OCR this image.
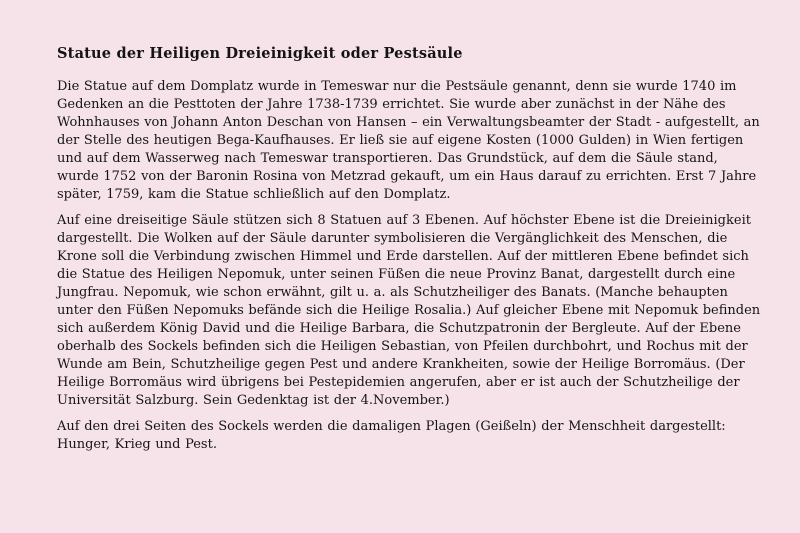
Statue der Heiligen Dreieinigkeit oder Pestsäule

Die Statue auf dem Domplatz wurde in Temeswar nur die Pestsäule genannt, denn sie wurde 1740 im Gedenken an die Pesttoten der Jahre 1738-1739 errichtet. Sie wurde aber zunächst in der Nähe des Wohnhauses von Johann Anton Deschan von Hansen – ein Verwaltungsbeamter der Stadt - aufgestellt, an der Stelle des heutigen Bega-Kaufhauses. Er ließ sie auf eigene Kosten (1000 Gulden) in Wien fertigen und auf dem Wasserweg nach Temeswar transportieren. Das Grundstück, auf dem die Säule stand, wurde 1752 von der Baronin Rosina von Metzrad gekauft, um ein Haus darauf zu errichten. Erst 7 Jahre später, 1759, kam die Statue schließlich auf den Domplatz.

Auf eine dreiseitige Säule stützen sich 8 Statuen auf 3 Ebenen. Auf höchster Ebene ist die Dreieinigkeit dargestellt. Die Wolken auf der Säule darunter symbolisieren die Vergänglichkeit des Menschen, die Krone soll die Verbindung zwischen Himmel und Erde darstellen. Auf der mittleren Ebene befindet sich die Statue des Heiligen Nepomuk, unter seinen Füßen die neue Provinz Banat, dargestellt durch eine Jungfrau. Nepomuk, wie schon erwähnt, gilt u. a. als Schutzheiliger des Banats. (Manche behaupten unter den Füßen Nepomuks befände sich die Heilige Rosalia.) Auf gleicher Ebene mit Nepomuk befinden sich außerdem König David und die Heilige Barbara, die Schutzpatronin der Bergleute. Auf der Ebene oberhalb des Sockels befinden sich die Heiligen Sebastian, von Pfeilen durchbohrt, und Rochus mit der Wunde am Bein, Schutzheilige gegen Pest und andere Krankheiten, sowie der Heilige Borromäus. (Der Heilige Borromäus wird übrigens bei Pestepidemien angerufen, aber er ist auch der Schutzheilige der Universität Salzburg. Sein Gedenktag ist der 4.November.)

Auf den drei Seiten des Sockels werden die damaligen Plagen (Geißeln) der Menschheit dargestellt: Hunger, Krieg und Pest.
